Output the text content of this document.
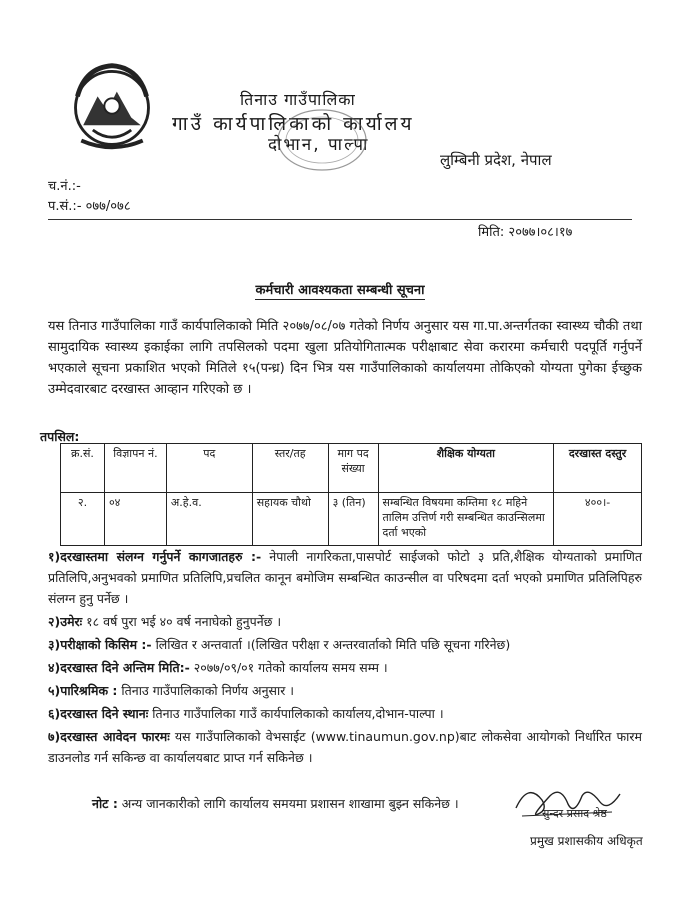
तिनाउ गाउँपालिका
गाउँ कार्यपालिकाको कार्यालय
दोभान, पाल्पा
लुम्बिनी प्रदेश, नेपाल
च.नं.:-
प.सं.:- ०७७/०७८
मिति: २०७७।०८।१७
कर्मचारी आवश्यकता सम्बन्धी सूचना
यस तिनाउ गाउँपालिका गाउँ कार्यपालिकाको मिति २०७७/०८/०७ गतेको निर्णय अनुसार यस गा.पा.अन्तर्गतका स्वास्थ्य चौकी तथा सामुदायिक स्वास्थ्य इकाईका लागि तपसिलको पदमा खुला प्रतियोगितात्मक परीक्षाबाट सेवा करारमा कर्मचारी पदपूर्ति गर्नुपर्ने भएकाले सूचना प्रकाशित भएको मितिले १५(पन्ध्र) दिन भित्र यस गाउँपालिकाको कार्यालयमा तोकिएको योग्यता पुगेका ईच्छुक उम्मेदवारबाट दरखास्त आव्हान गरिएको छ ।
तपसिल:
क्र.सं.	विज्ञापन नं.	पद	स्तर/तह	माग पद संख्या	शैक्षिक योग्यता	दरखास्त दस्तुर
२.	०४	अ.हे.व.	सहायक चौथो	३ (तिन)	सम्बन्धित विषयमा कम्तिमा १८ महिने तालिम उत्तिर्ण गरी सम्बन्धित काउन्सिलमा दर्ता भएको	४००।-
१)दरखास्तमा संलग्न गर्नुपर्ने कागजातहरु :- नेपाली नागरिकता,पासपोर्ट साईजको फोटो ३ प्रति,शैक्षिक योग्यताको प्रमाणित प्रतिलिपि,अनुभवको प्रमाणित प्रतिलिपि,प्रचलित कानून बमोजिम सम्बन्धित काउन्सील वा परिषदमा दर्ता भएको प्रमाणित प्रतिलिपिहरु संलग्न हुनु पर्नेछ ।
२)उमेरः १८ वर्ष पुरा भई ४० वर्ष ननाघेको हुनुपर्नेछ ।
३)परीक्षाको किसिम :- लिखित र अन्तवार्ता ।(लिखित परीक्षा र अन्तरवार्ताको मिति पछि सूचना गरिनेछ)
४)दरखास्त दिने अन्तिम मिति:- २०७७/०९/०१ गतेको कार्यालय समय सम्म ।
५)पारिश्रमिक : तिनाउ गाउँपालिकाको निर्णय अनुसार ।
६)दरखास्त दिने स्थानः तिनाउ गाउँपालिका गाउँ कार्यपालिकाको कार्यालय,दोभान-पाल्पा ।
७)दरखास्त आवेदन फारमः यस गाउँपालिकाको वेभसाईट (www.tinaumun.gov.np)बाट लोकसेवा आयोगको निर्धारित फारम डाउनलोड गर्न सकिन्छ वा कार्यालयबाट प्राप्त गर्न सकिनेछ ।
नोट : अन्य जानकारीको लागि कार्यालय समयमा प्रशासन शाखामा बुझ्न सकिनेछ ।
सुन्दर प्रसाद श्रेष्ठ
प्रमुख प्रशासकीय अधिकृत
